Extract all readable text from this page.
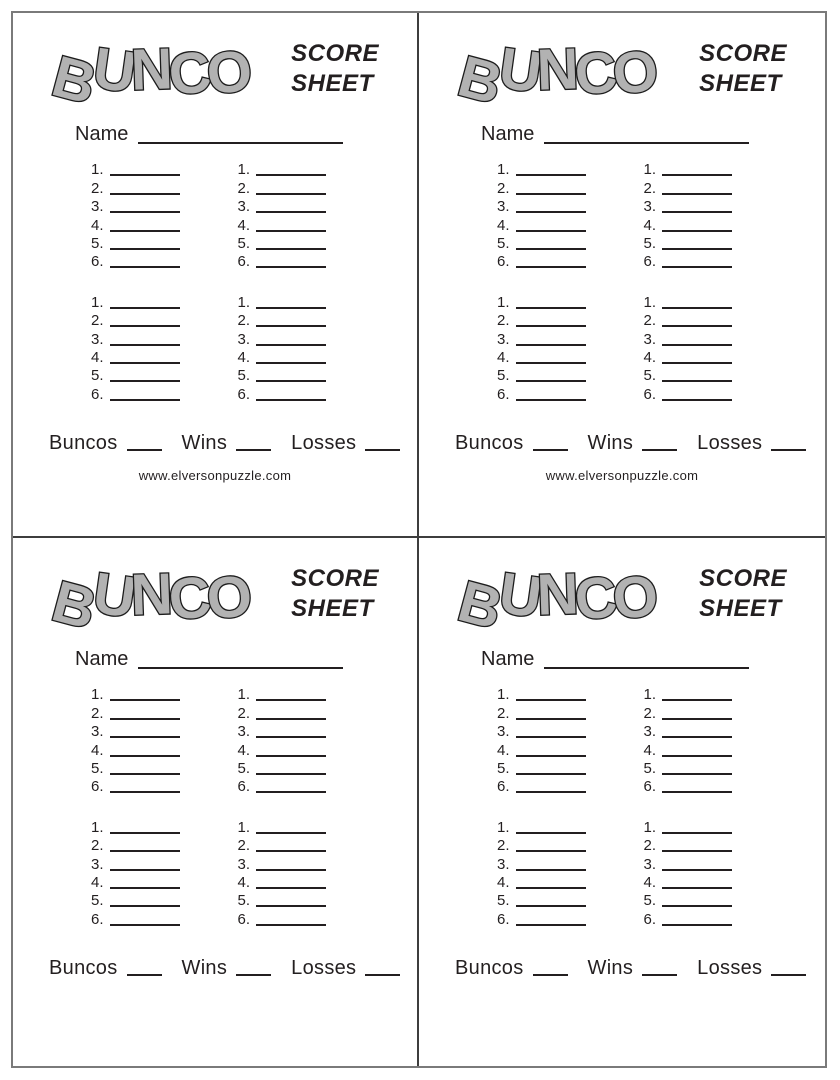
BUNCO SCORE
SHEET
Name
1.
2.
3.
4.
5.
6.
1.
2.
3.
4.
5.
6.
1.
2.
3.
4.
5.
6.
1.
2.
3.
4.
5.
6.
Buncos	Wins	Losses
www.elversonpuzzle.com
BUNCO SCORE
SHEET
Name
1.
2.
3.
4.
5.
6.
1.
2.
3.
4.
5.
6.
1.
2.
3.
4.
5.
6.
1.
2.
3.
4.
5.
6.
Buncos	Wins	Losses
www.elversonpuzzle.com
BUNCO SCORE
SHEET
Name
1.
2.
3.
4.
5.
6.
1.
2.
3.
4.
5.
6.
1.
2.
3.
4.
5.
6.
1.
2.
3.
4.
5.
6.
Buncos	Wins	Losses
BUNCO SCORE
SHEET
Name
1.
2.
3.
4.
5.
6.
1.
2.
3.
4.
5.
6.
1.
2.
3.
4.
5.
6.
1.
2.
3.
4.
5.
6.
Buncos	Wins	Losses
